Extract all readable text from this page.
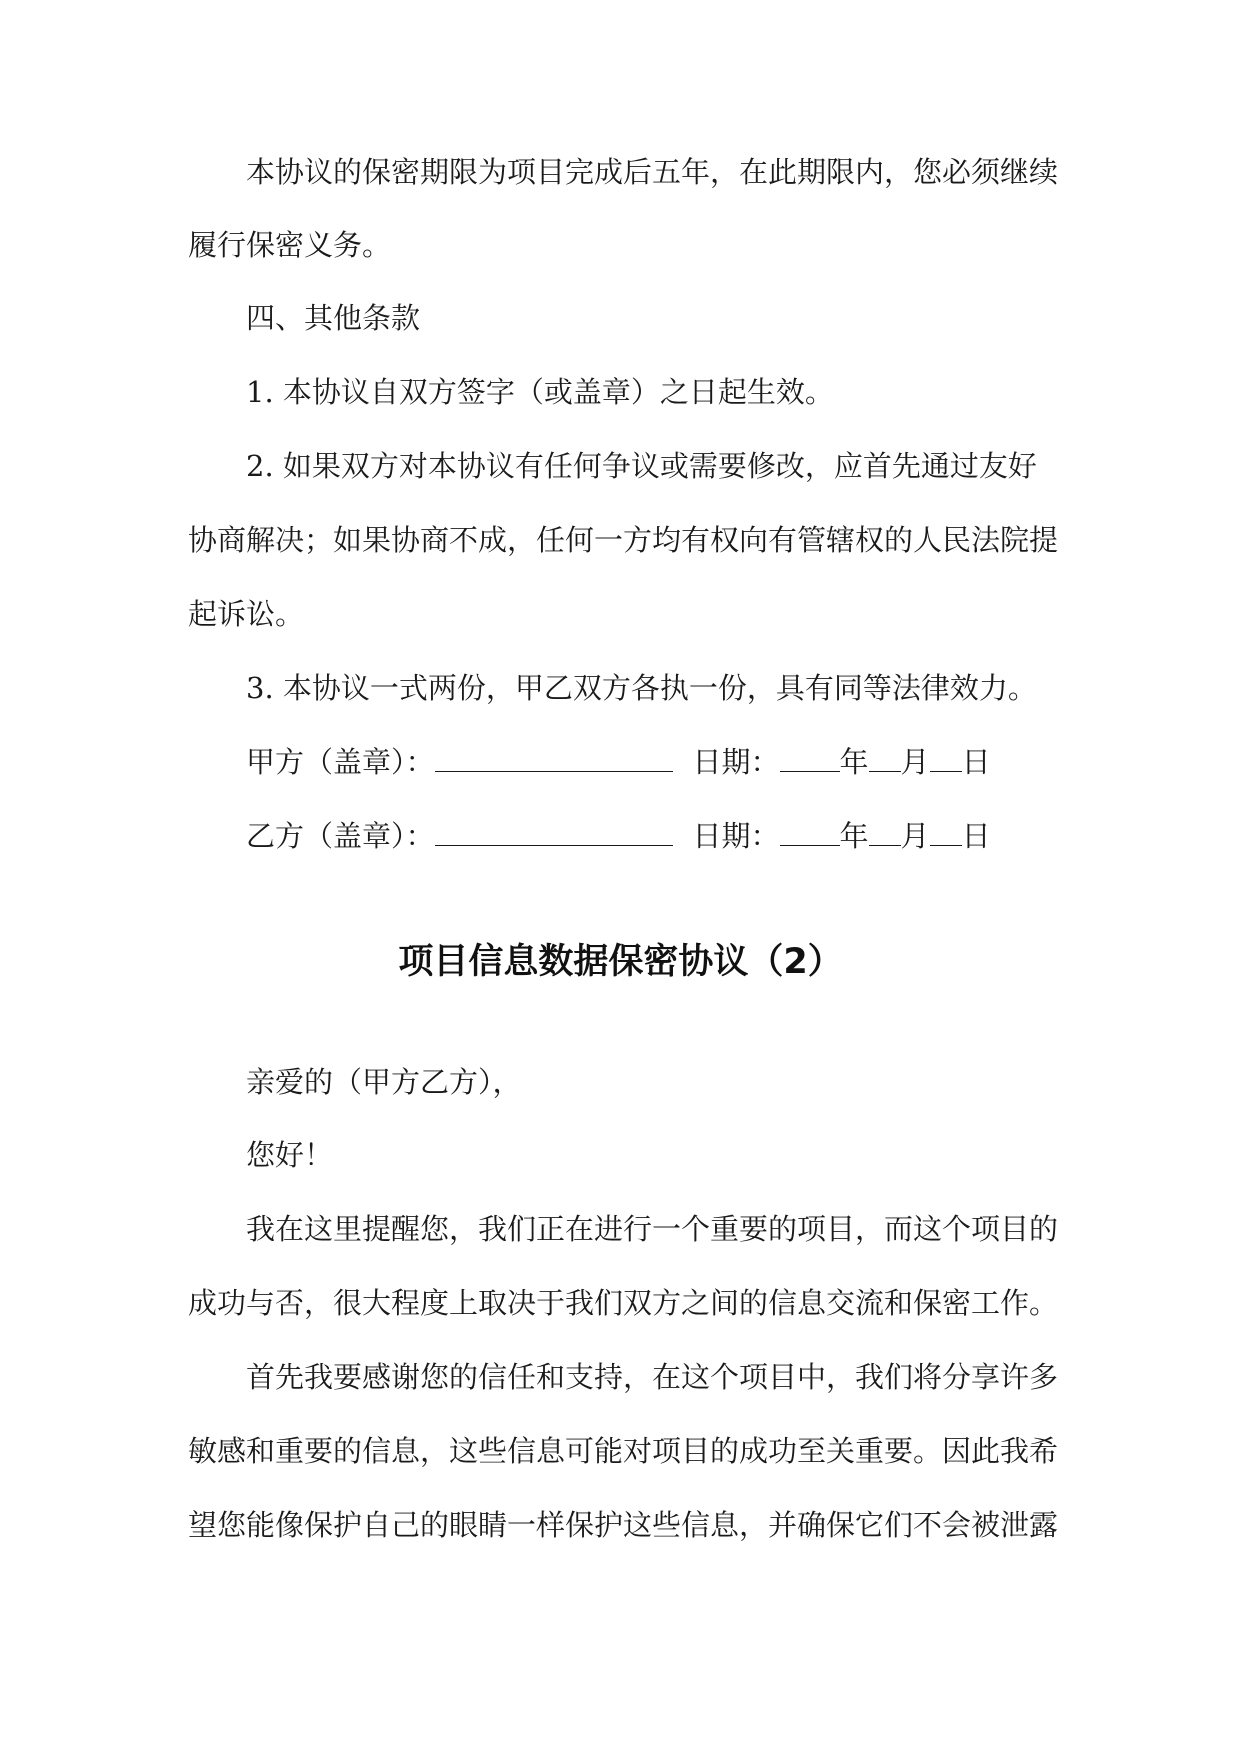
本协议的保密期限为项目完成后五年，在此期限内，您必须继续
履行保密义务。
四、其他条款
1. 本协议自双方签字（或盖章）之日起生效。
2. 如果双方对本协议有任何争议或需要修改，应首先通过友好
协商解决；如果协商不成，任何一方均有权向有管辖权的人民法院提
起诉讼。
3. 本协议一式两份，甲乙双方各执一份，具有同等法律效力。
甲方（盖章）：	日期： 年 月 日
乙方（盖章）：	日期： 年 月 日
项目信息数据保密协议（2）
亲爱的（甲方乙方），
您好！
我在这里提醒您，我们正在进行一个重要的项目，而这个项目的
成功与否，很大程度上取决于我们双方之间的信息交流和保密工作。
首先我要感谢您的信任和支持，在这个项目中，我们将分享许多
敏感和重要的信息，这些信息可能对项目的成功至关重要。因此我希
望您能像保护自己的眼睛一样保护这些信息，并确保它们不会被泄露
